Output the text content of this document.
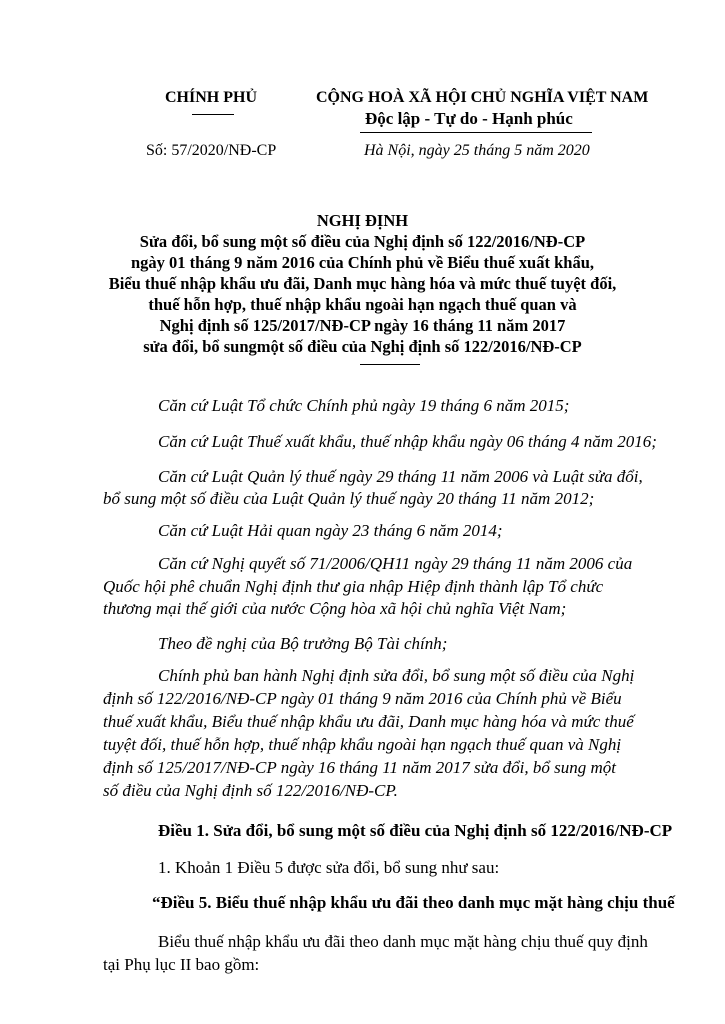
CHÍNH PHỦ
Số: 57/2020/NĐ-CP
CỘNG HOÀ XÃ HỘI CHỦ NGHĨA VIỆT NAM
Độc lập - Tự do - Hạnh phúc
Hà Nội, ngày 25 tháng 5 năm 2020
NGHỊ ĐỊNH
Sửa đổi, bổ sung một số điều của Nghị định số 122/2016/NĐ-CP
ngày 01 tháng 9 năm 2016 của Chính phủ về Biểu thuế xuất khẩu,
Biểu thuế nhập khẩu ưu đãi, Danh mục hàng hóa và mức thuế tuyệt đối,
thuế hỗn hợp, thuế nhập khẩu ngoài hạn ngạch thuế quan và
Nghị định số 125/2017/NĐ-CP ngày 16 tháng 11 năm 2017
sửa đổi, bổ sungmột số điều của Nghị định số 122/2016/NĐ-CP
Căn cứ Luật Tổ chức Chính phủ ngày 19 tháng 6 năm 2015;
Căn cứ Luật Thuế xuất khẩu, thuế nhập khẩu ngày 06 tháng 4 năm 2016;
Căn cứ Luật Quản lý thuế ngày 29 tháng 11 năm 2006 và Luật sửa đổi,
bổ sung một số điều của Luật Quản lý thuế ngày 20 tháng 11 năm 2012;
Căn cứ Luật Hải quan ngày 23 tháng 6 năm 2014;
Căn cứ Nghị quyết số 71/2006/QH11 ngày 29 tháng 11 năm 2006 của
Quốc hội phê chuẩn Nghị định thư gia nhập Hiệp định thành lập Tổ chức
thương mại thế giới của nước Cộng hòa xã hội chủ nghĩa Việt Nam;
Theo đề nghị của Bộ trưởng Bộ Tài chính;
Chính phủ ban hành Nghị định sửa đổi, bổ sung một số điều của Nghị
định số 122/2016/NĐ-CP ngày 01 tháng 9 năm 2016 của Chính phủ về Biểu
thuế xuất khẩu, Biểu thuế nhập khẩu ưu đãi, Danh mục hàng hóa và mức thuế
tuyệt đối, thuế hỗn hợp, thuế nhập khẩu ngoài hạn ngạch thuế quan và Nghị
định số 125/2017/NĐ-CP ngày 16 tháng 11 năm 2017 sửa đổi, bổ sung một
số điều của Nghị định số 122/2016/NĐ-CP.
Điều 1. Sửa đổi, bổ sung một số điều của Nghị định số 122/2016/NĐ-CP
1. Khoản 1 Điều 5 được sửa đổi, bổ sung như sau:
“Điều 5. Biểu thuế nhập khẩu ưu đãi theo danh mục mặt hàng chịu thuế
Biểu thuế nhập khẩu ưu đãi theo danh mục mặt hàng chịu thuế quy định
tại Phụ lục II bao gồm:
